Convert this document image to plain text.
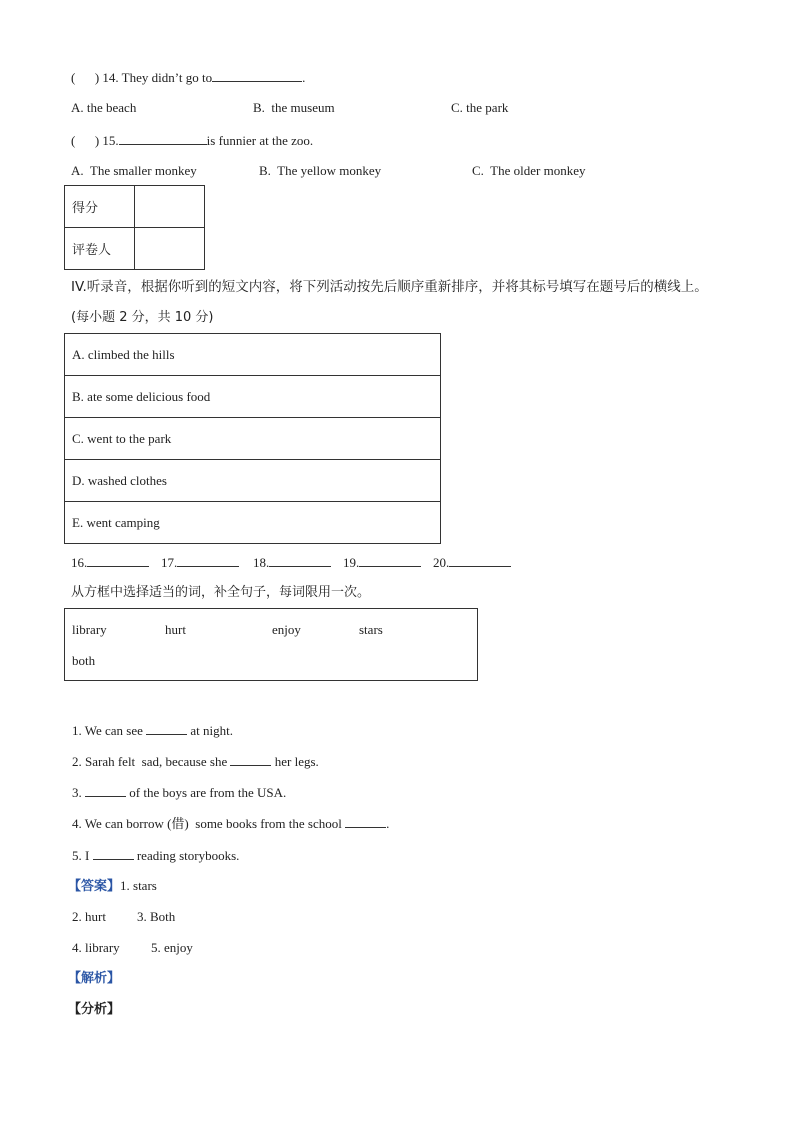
(      ) 14. They didn’t go to	.
A. the beach	B.  the museum	C. the park
(      ) 15.	is funnier at the zoo.
A.  The smaller monkey	B.  The yellow monkey	C.  The older monkey
得分	
评卷人	
IV.听录音，根据你听到的短文内容，将下列活动按先后顺序重新排序，并将其标号填写在题号后的横线上。
(每小题 2 分，共 10 分)
A. climbed the hills
B. ate some delicious food
C. went to the park
D. washed clothes
E. went camping
16.	17.	18.	19.	20.
从方框中选择适当的词，补全句子，每词限用一次。
library	hurt	enjoy	stars
both
1. We can see	at night.
2. Sarah felt  sad, because she	her legs.
3.	of the boys are from the USA.
4. We can borrow (借)  some books from the school	.
5. I	reading storybooks.
【答案】1. stars
2. hurt 3. Both
4. library 5. enjoy
【解析】
【分析】
